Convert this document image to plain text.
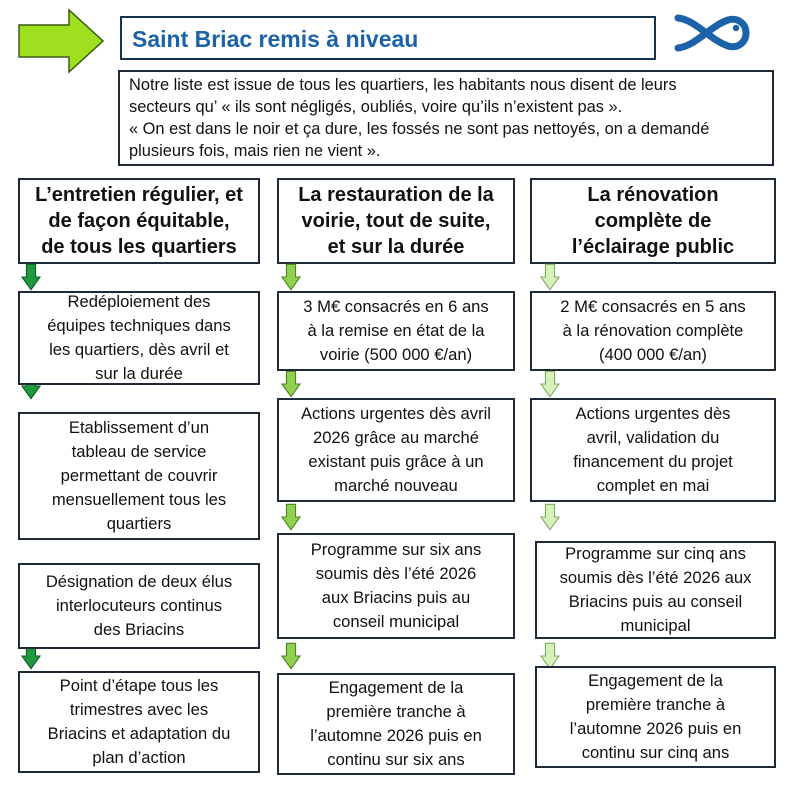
Saint Briac remis à niveau
Notre liste est issue de tous les quartiers, les habitants nous disent de leurs
secteurs qu’ « ils sont négligés, oubliés, voire qu’ils n’existent pas ».
« On est dans le noir et ça dure, les fossés ne sont pas nettoyés, on a demandé
plusieurs fois, mais rien ne vient ».
L’entretien régulier, et
de façon équitable,
de tous les quartiers
Redéploiement des
équipes techniques dans
les quartiers, dès avril et
sur la durée
Etablissement d’un
tableau de service
permettant de couvrir
mensuellement tous les
quartiers
Désignation de deux élus
interlocuteurs continus
des Briacins
Point d’étape tous les
trimestres avec les
Briacins et adaptation du
plan d’action
La restauration de la
voirie, tout de suite,
et sur la durée
3 M€ consacrés en 6 ans
à la remise en état de la
voirie (500 000 €/an)
Actions urgentes dès avril
2026 grâce au marché
existant puis grâce à un
marché nouveau
Programme sur six ans
soumis dès l’été 2026
aux Briacins puis au
conseil municipal
Engagement de la
première tranche à
l’automne 2026 puis en
continu sur six ans
La rénovation
complète de
l’éclairage public
2 M€ consacrés en 5 ans
à la rénovation complète
(400 000 €/an)
Actions urgentes dès
avril, validation du
financement du projet
complet en mai
Programme sur cinq ans
soumis dès l’été 2026 aux
Briacins puis au conseil
municipal
Engagement de la
première tranche à
l’automne 2026 puis en
continu sur cinq ans
